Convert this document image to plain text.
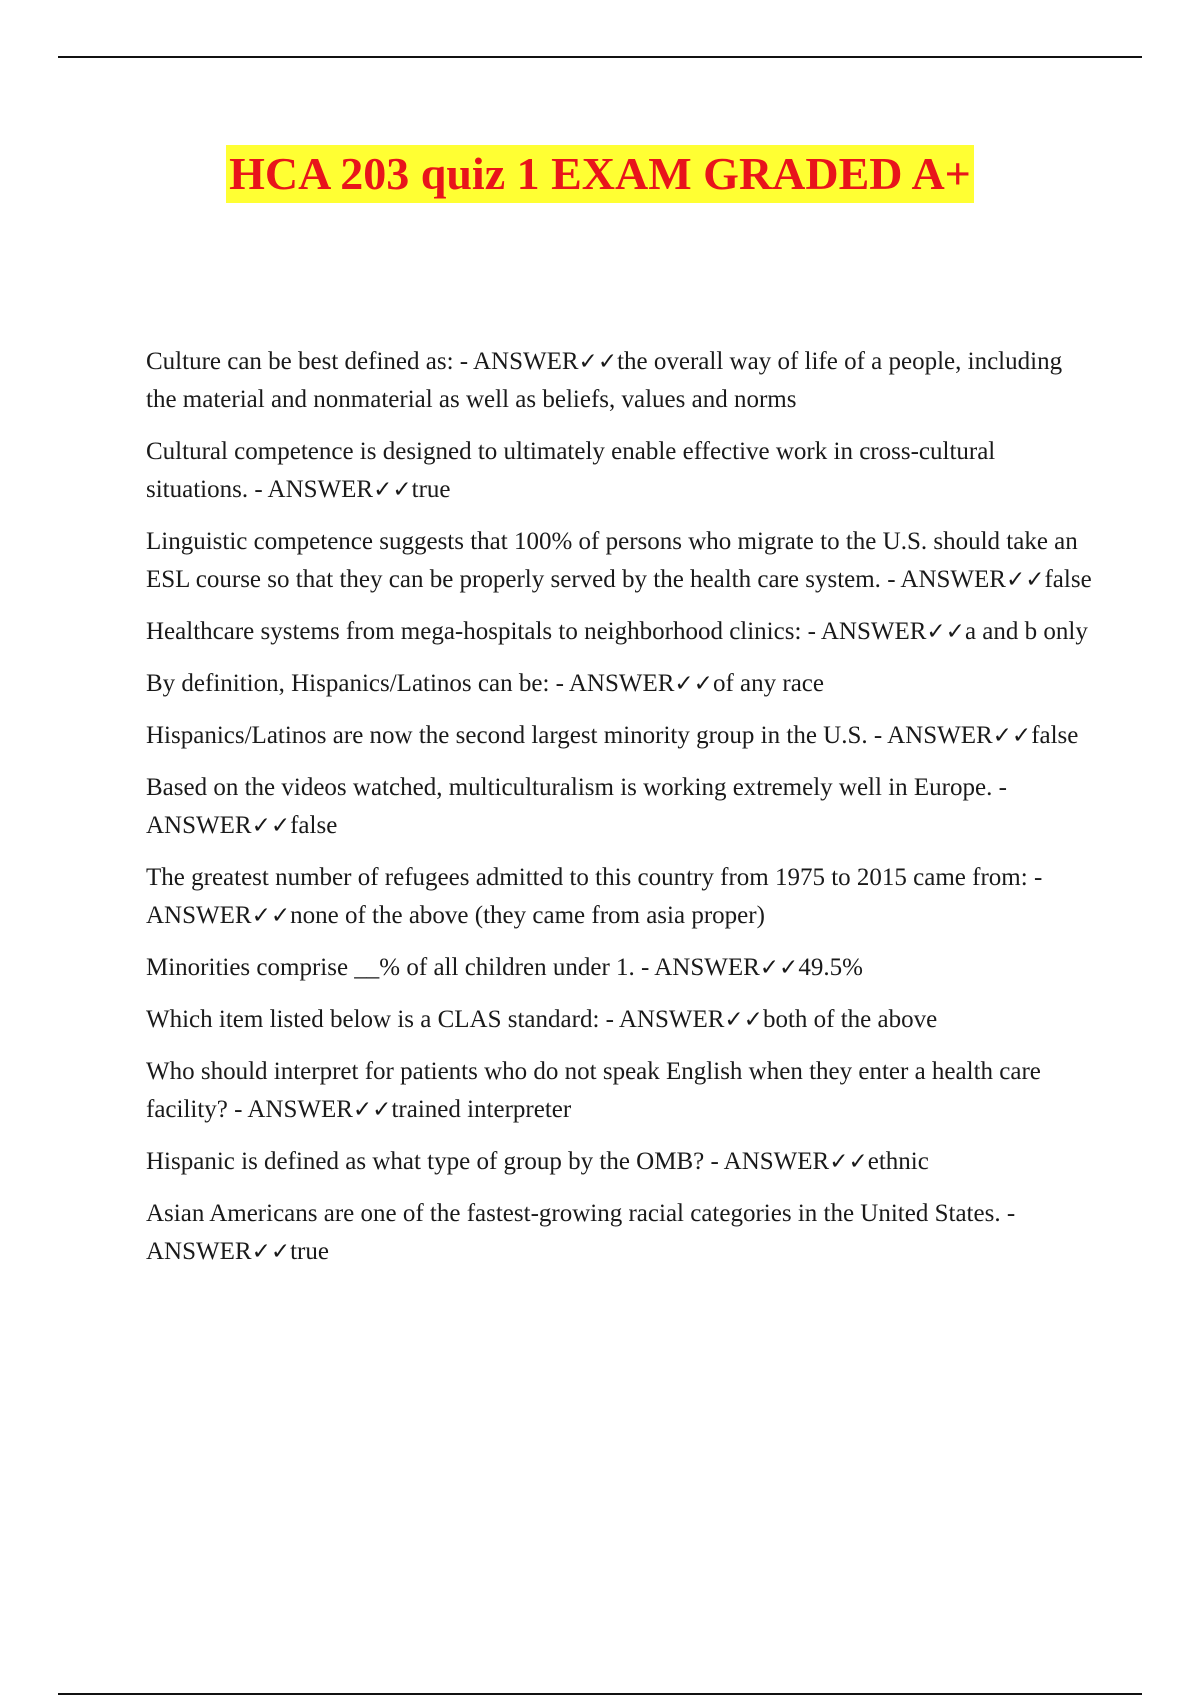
HCA 203 quiz 1 EXAM GRADED A+

Culture can be best defined as: - ANSWER✓✓the overall way of life of a people, including the material and nonmaterial as well as beliefs, values and norms

Cultural competence is designed to ultimately enable effective work in cross-cultural situations. - ANSWER✓✓true

Linguistic competence suggests that 100% of persons who migrate to the U.S. should take an ESL course so that they can be properly served by the health care system. - ANSWER✓✓false

Healthcare systems from mega-hospitals to neighborhood clinics: - ANSWER✓✓a and b only

By definition, Hispanics/Latinos can be: - ANSWER✓✓of any race

Hispanics/Latinos are now the second largest minority group in the U.S. - ANSWER✓✓false

Based on the videos watched, multiculturalism is working extremely well in Europe. - ANSWER✓✓false

The greatest number of refugees admitted to this country from 1975 to 2015 came from: - ANSWER✓✓none of the above (they came from asia proper)

Minorities comprise __% of all children under 1. - ANSWER✓✓49.5%

Which item listed below is a CLAS standard: - ANSWER✓✓both of the above

Who should interpret for patients who do not speak English when they enter a health care facility? - ANSWER✓✓trained interpreter

Hispanic is defined as what type of group by the OMB? - ANSWER✓✓ethnic

Asian Americans are one of the fastest-growing racial categories in the United States. - ANSWER✓✓true
